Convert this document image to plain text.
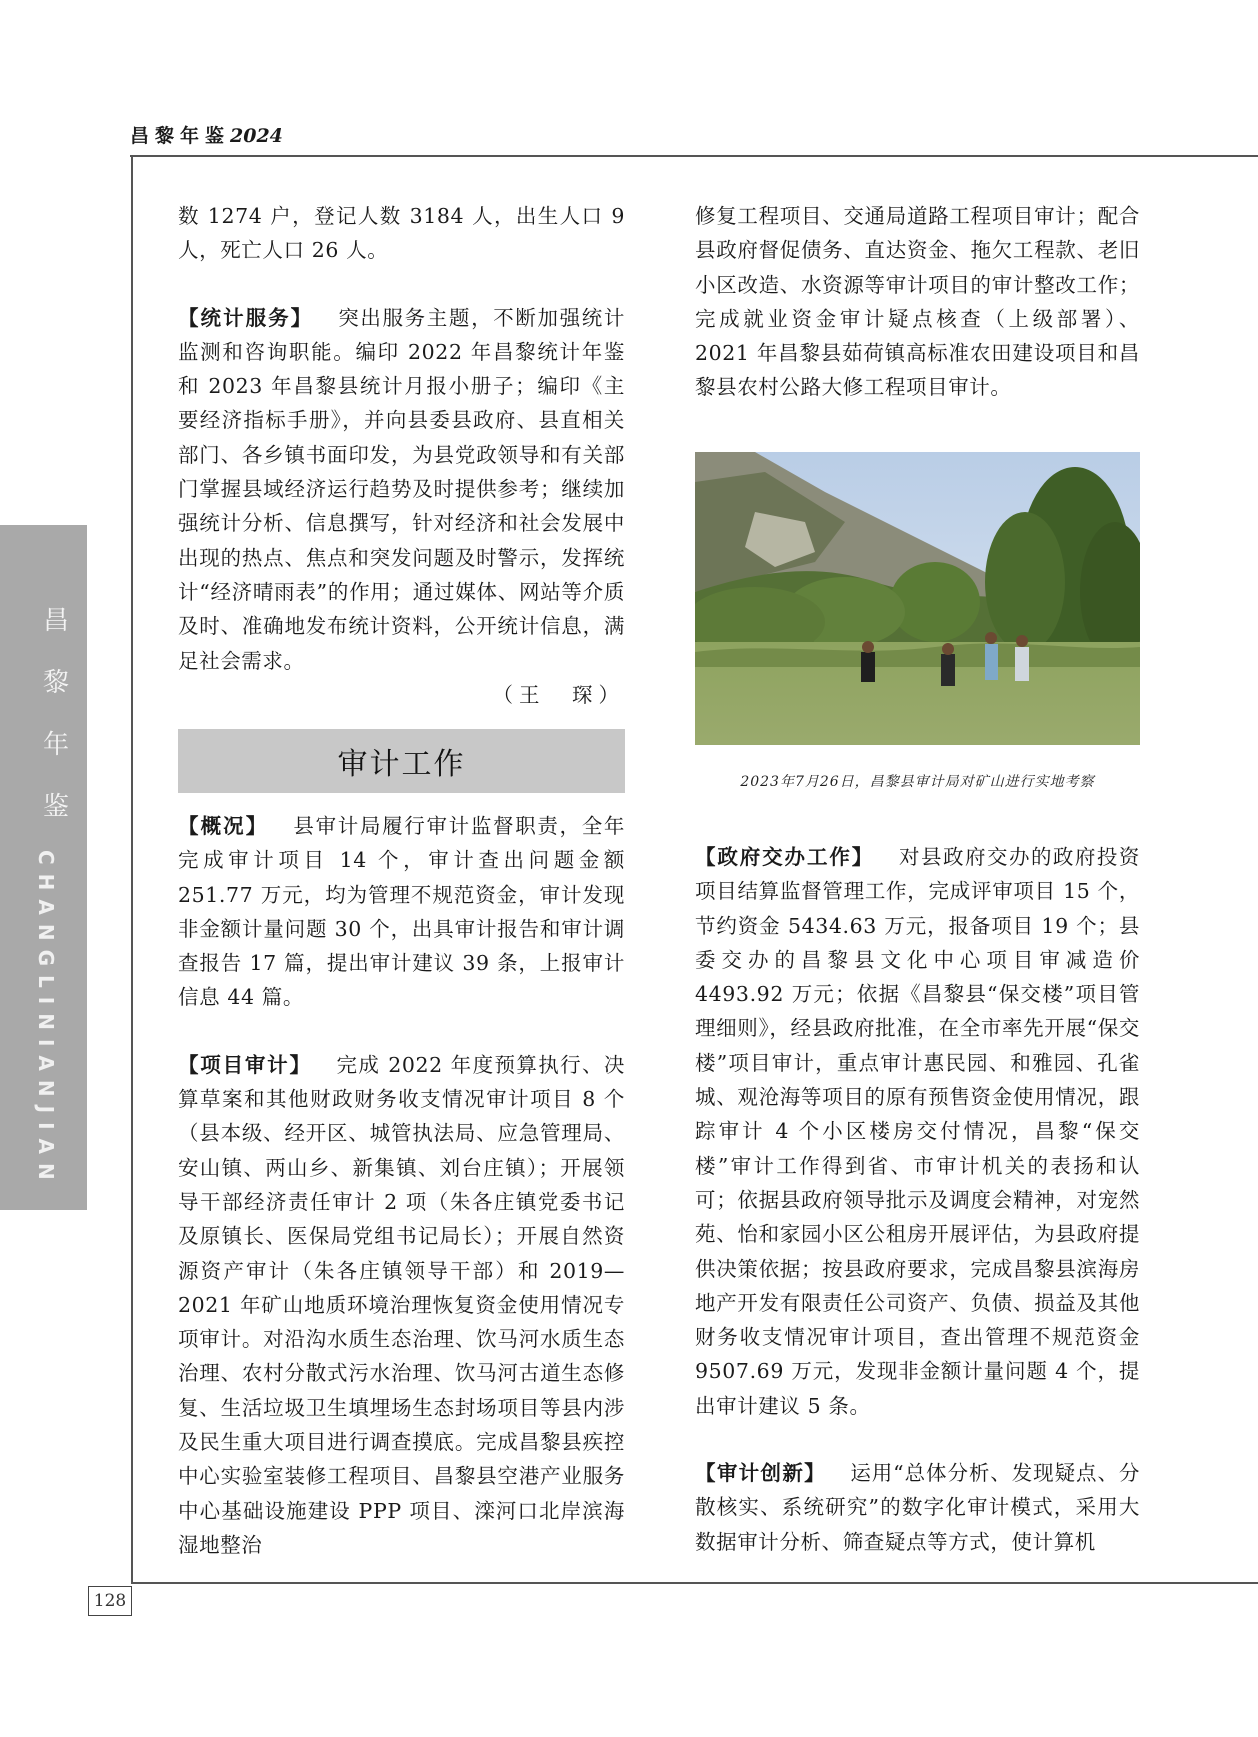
昌黎年鉴2024
昌
黎
年
鉴
CHANGLINIANJIAN

数 1274 户，登记人数 3184 人，出生人口 9 人，死亡人口 26 人。

【统计服务】 突出服务主题，不断加强统计监测和咨询职能。编印 2022 年昌黎统计年鉴和 2023 年昌黎县统计月报小册子；编印《主要经济指标手册》，并向县委县政府、县直相关部门、各乡镇书面印发，为县党政领导和有关部门掌握县域经济运行趋势及时提供参考；继续加强统计分析、信息撰写，针对经济和社会发展中出现的热点、焦点和突发问题及时警示，发挥统计“经济晴雨表”的作用；通过媒体、网站等介质及时、准确地发布统计资料，公开统计信息，满足社会需求。

（王　琛）

审计工作

【概况】 县审计局履行审计监督职责，全年完成审计项目 14 个，审计查出问题金额 251.77 万元，均为管理不规范资金，审计发现非金额计量问题 30 个，出具审计报告和审计调查报告 17 篇，提出审计建议 39 条，上报审计信息 44 篇。

【项目审计】 完成 2022 年度预算执行、决算草案和其他财政财务收支情况审计项目 8 个（县本级、经开区、城管执法局、应急管理局、安山镇、两山乡、新集镇、刘台庄镇）；开展领导干部经济责任审计 2 项（朱各庄镇党委书记及原镇长、医保局党组书记局长）；开展自然资源资产审计（朱各庄镇领导干部）和 2019—2021 年矿山地质环境治理恢复资金使用情况专项审计。对沿沟水质生态治理、饮马河水质生态治理、农村分散式污水治理、饮马河古道生态修复、生活垃圾卫生填埋场生态封场项目等县内涉及民生重大项目进行调查摸底。完成昌黎县疾控中心实验室装修工程项目、昌黎县空港产业服务中心基础设施建设 PPP 项目、滦河口北岸滨海湿地整治

修复工程项目、交通局道路工程项目审计；配合县政府督促债务、直达资金、拖欠工程款、老旧小区改造、水资源等审计项目的审计整改工作；完成就业资金审计疑点核查（上级部署）、2021 年昌黎县茹荷镇高标准农田建设项目和昌黎县农村公路大修工程项目审计。

2023年7月26日，昌黎县审计局对矿山进行实地考察

【政府交办工作】 对县政府交办的政府投资项目结算监督管理工作，完成评审项目 15 个，节约资金 5434.63 万元，报备项目 19 个；县委交办的昌黎县文化中心项目审减造价 4493.92 万元；依据《昌黎县“保交楼”项目管理细则》，经县政府批准，在全市率先开展“保交楼”项目审计，重点审计惠民园、和雅园、孔雀城、观沧海等项目的原有预售资金使用情况，跟踪审计 4 个小区楼房交付情况，昌黎“保交楼”审计工作得到省、市审计机关的表扬和认可；依据县政府领导批示及调度会精神，对宠然苑、怡和家园小区公租房开展评估，为县政府提供决策依据；按县政府要求，完成昌黎县滨海房地产开发有限责任公司资产、负债、损益及其他财务收支情况审计项目，查出管理不规范资金 9507.69 万元，发现非金额计量问题 4 个，提出审计建议 5 条。

【审计创新】 运用“总体分析、发现疑点、分散核实、系统研究”的数字化审计模式，采用大数据审计分析、筛查疑点等方式，使计算机

128
